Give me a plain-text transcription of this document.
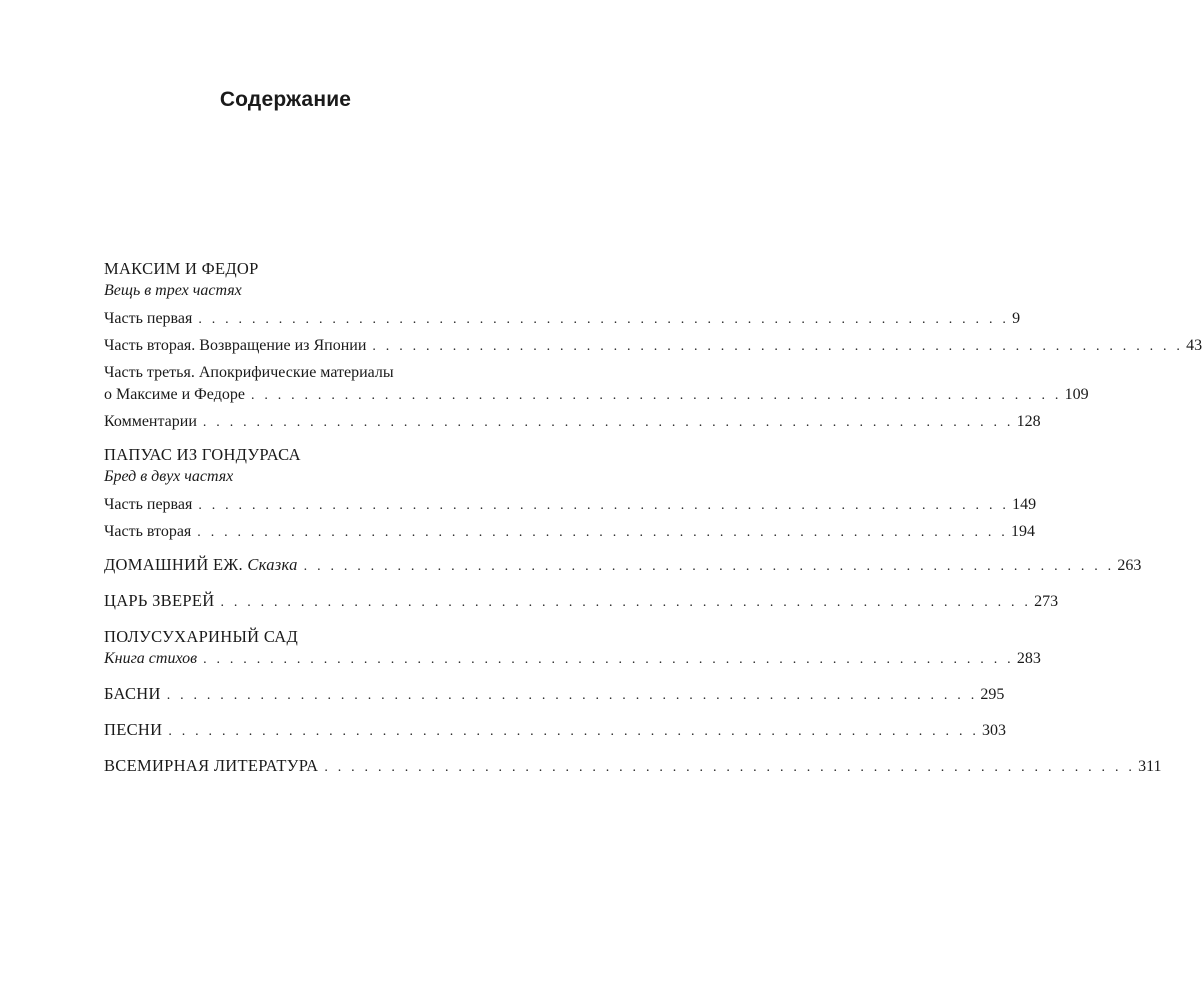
Содержание
МАКСИМ И ФЕДОР
Вещь в трех частях
Часть первая . . . . . . . . . . . . . . . . . . . . . . . . . . . . . . . . . . . . . . . . . . . . . . . . . . . . . . . . . . . . . 9
Часть вторая. Возвращение из Японии . . . . . . . . . . . . . . . . . . . . . . . . . . . . . . . . . . . . . . . . . . . . . . . . . . . . . . . . . . . . . 43
Часть третья. Апокрифические материалы
о Максиме и Федоре . . . . . . . . . . . . . . . . . . . . . . . . . . . . . . . . . . . . . . . . . . . . . . . . . . . . . . . . . . . . . 109
Комментарии . . . . . . . . . . . . . . . . . . . . . . . . . . . . . . . . . . . . . . . . . . . . . . . . . . . . . . . . . . . . . 128
ПАПУАС ИЗ ГОНДУРАСА
Бред в двух частях
Часть первая . . . . . . . . . . . . . . . . . . . . . . . . . . . . . . . . . . . . . . . . . . . . . . . . . . . . . . . . . . . . . 149
Часть вторая . . . . . . . . . . . . . . . . . . . . . . . . . . . . . . . . . . . . . . . . . . . . . . . . . . . . . . . . . . . . . 194
ДОМАШНИЙ ЕЖ. Сказка . . . . . . . . . . . . . . . . . . . . . . . . . . . . . . . . . . . . . . . . . . . . . . . . . . . . . . . . . . . . . 263
ЦАРЬ ЗВЕРЕЙ . . . . . . . . . . . . . . . . . . . . . . . . . . . . . . . . . . . . . . . . . . . . . . . . . . . . . . . . . . . . . 273
ПОЛУСУХАРИНЫЙ САД
Книга стихов . . . . . . . . . . . . . . . . . . . . . . . . . . . . . . . . . . . . . . . . . . . . . . . . . . . . . . . . . . . . . 283
БАСНИ . . . . . . . . . . . . . . . . . . . . . . . . . . . . . . . . . . . . . . . . . . . . . . . . . . . . . . . . . . . . . 295
ПЕСНИ . . . . . . . . . . . . . . . . . . . . . . . . . . . . . . . . . . . . . . . . . . . . . . . . . . . . . . . . . . . . . 303
ВСЕМИРНАЯ ЛИТЕРАТУРА . . . . . . . . . . . . . . . . . . . . . . . . . . . . . . . . . . . . . . . . . . . . . . . . . . . . . . . . . . . . . 311
